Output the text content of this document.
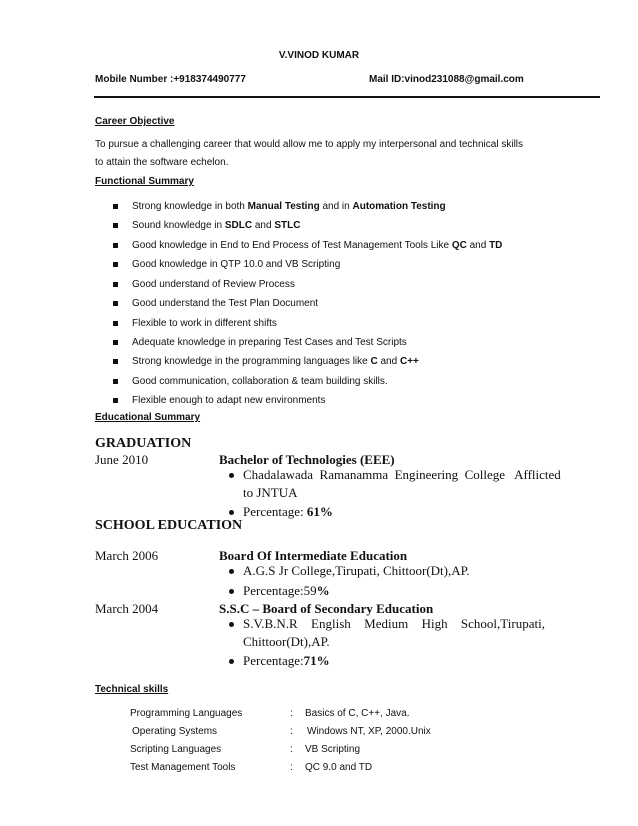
V.VINOD KUMAR
Mobile Number :+918374490777	Mail ID:vinod231088@gmail.com
Career Objective
To pursue a challenging career that would allow me to apply my interpersonal and technical skills
to attain the software echelon.
Functional Summary
Strong knowledge in both Manual Testing and in Automation Testing
Sound knowledge in SDLC and STLC
Good knowledge in End to End Process of Test Management Tools Like QC and TD
Good knowledge in QTP 10.0 and VB Scripting
Good understand of Review Process
Good understand the Test Plan Document
Flexible to work in different shifts
Adequate knowledge in preparing Test Cases and Test Scripts
Strong knowledge in the programming languages like C and C++
Good communication, collaboration & team building skills.
Flexible enough to adapt new environments
Educational Summary
GRADUATION
June 2010	Bachelor of Technologies (EEE)
Chadalawada  Ramanamma  Engineering  College   Afflicted
to JNTUA
Percentage: 61%
SCHOOL EDUCATION
March 2006	Board Of Intermediate Education
A.G.S Jr College,Tirupati, Chittoor(Dt),AP.
Percentage:59%
March 2004	S.S.C – Board of Secondary Education
S.V.B.N.R English Medium High School,Tirupati,
Chittoor(Dt),AP.
Percentage:71%
Technical skills
Programming Languages	: Basics of C, C++, Java.
Operating Systems	: Windows NT, XP, 2000.Unix
Scripting Languages	: VB Scripting
Test Management Tools	: QC 9.0 and TD
